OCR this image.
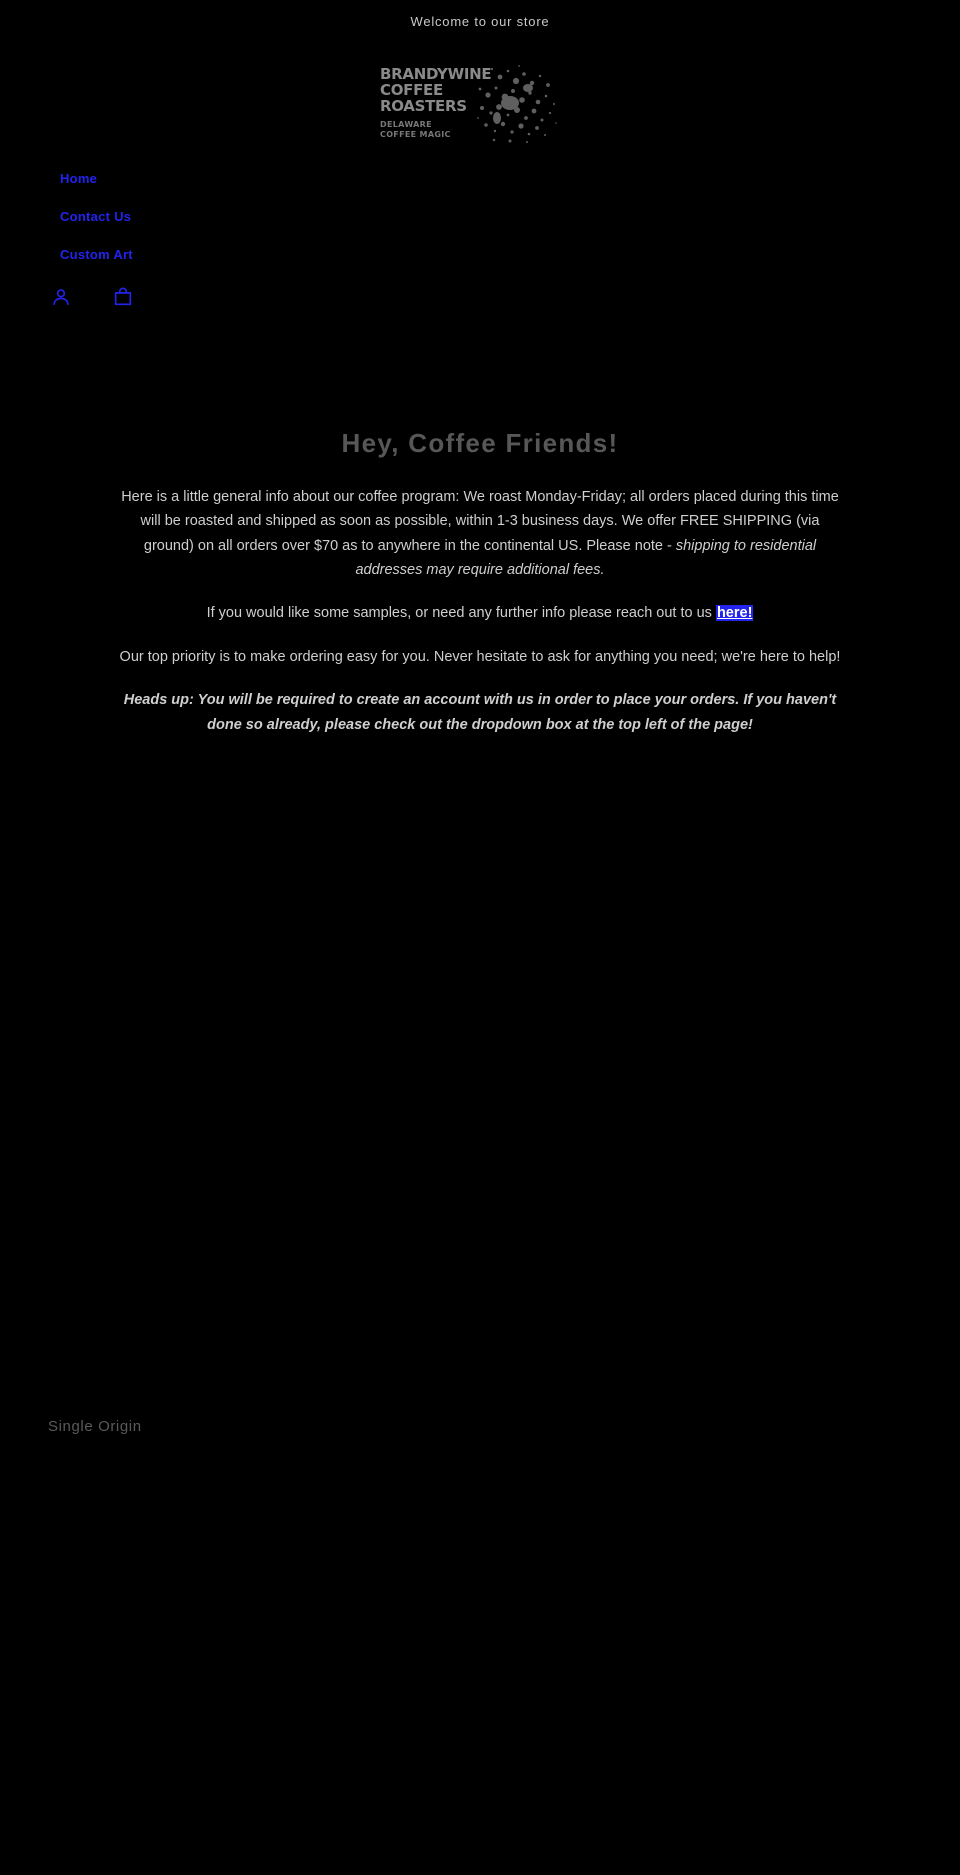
Welcome to our store
BRANDYWINE
COFFEE
ROASTERS
DELAWARE
COFFEE MAGIC
Home
Contact Us
Custom Art
Hey, Coffee Friends!

Here is a little general info about our coffee program: We roast Monday-Friday; all orders placed during this time will be roasted and shipped as soon as possible, within 1-3 business days. We offer FREE SHIPPING (via ground) on all orders over $70 as to anywhere in the continental US. Please note - shipping to residential addresses may require additional fees.

If you would like some samples, or need any further info please reach out to us here!

Our top priority is to make ordering easy for you. Never hesitate to ask for anything you need; we're here to help!

Heads up: You will be required to create an account with us in order to place your orders. If you haven't done so already, please check out the dropdown box at the top left of the page!

Single Origin
